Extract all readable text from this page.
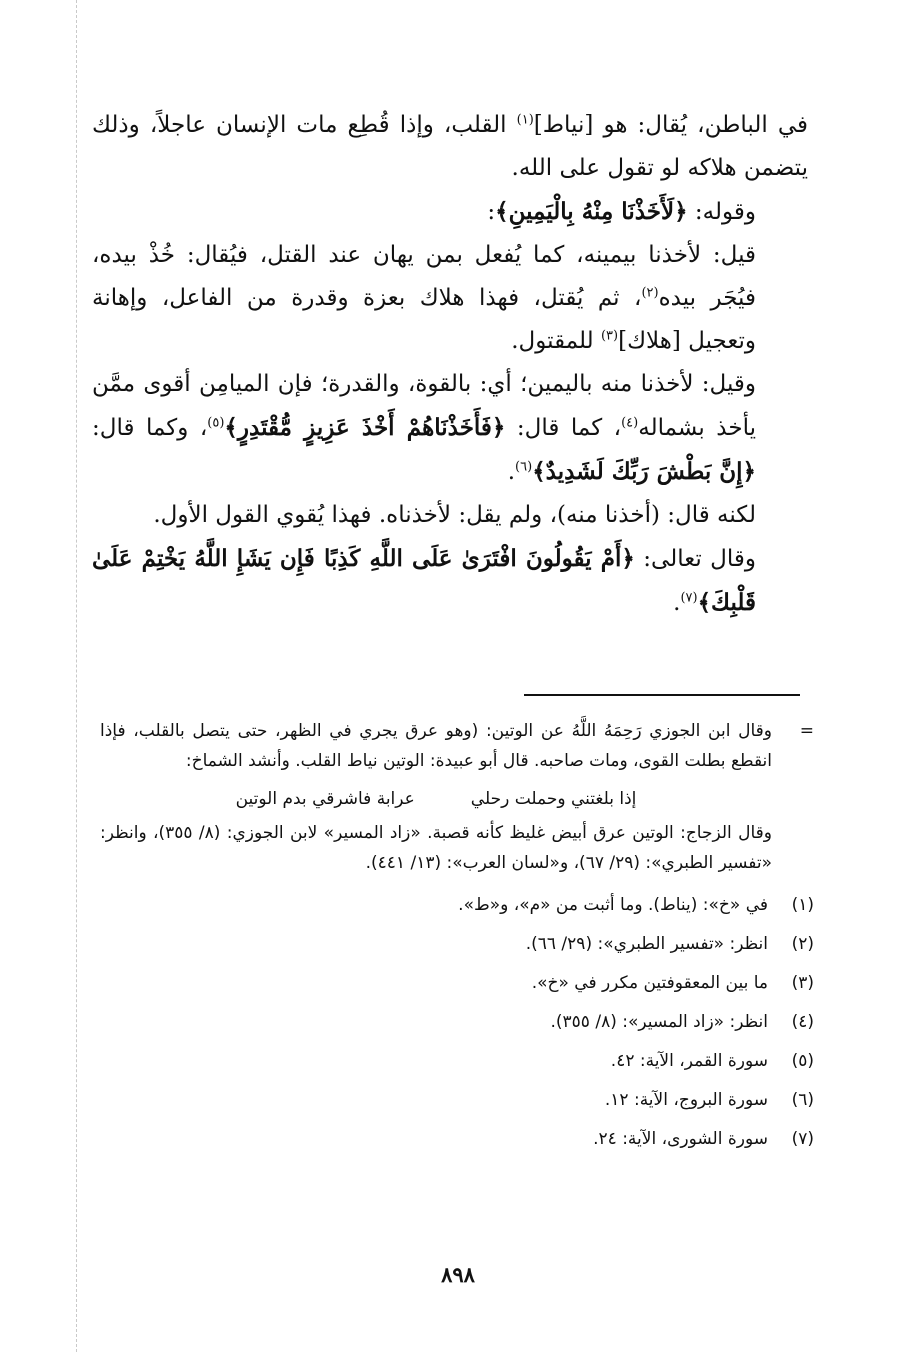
في الباطن، يُقال: هو [نياط]$^{(١)}$ القلب، وإذا قُطِع مات الإنسان عاجلاً، وذلك يتضمن هلاكه لو تقول على الله.

وقوله: ﴿لَأَخَذْنَا مِنْهُ بِالْيَمِينِ﴾:

قيل: لأخذنا بيمينه، كما يُفعل بمن يهان عند القتل، فيُقال: خُذْ بيده، فيُجَر بيده$^{(٢)}$، ثم يُقتل، فهذا هلاك بعزة وقدرة من الفاعل، وإهانة وتعجيل [هلاك]$^{(٣)}$ للمقتول.

وقيل: لأخذنا منه باليمين؛ أي: بالقوة، والقدرة؛ فإن الميامِن أقوى ممَّن يأخذ بشماله$^{(٤)}$، كما قال: ﴿فَأَخَذْنَاهُمْ أَخْذَ عَزِيزٍ مُّقْتَدِرٍ﴾$^{(٥)}$، وكما قال: ﴿إِنَّ بَطْشَ رَبِّكَ لَشَدِيدٌ﴾$^{(٦)}$.

لكنه قال: (أخذنا منه)، ولم يقل: لأخذناه. فهذا يُقوي القول الأول.

وقال تعالى: ﴿أَمْ يَقُولُونَ افْتَرَىٰ عَلَى اللَّهِ كَذِبًا فَإِن يَشَإِ اللَّهُ يَخْتِمْ عَلَىٰ قَلْبِكَ﴾$^{(٧)}$.

=

وقال ابن الجوزي رَحِمَهُ اللَّهُ عن الوتين: (وهو عرق يجري في الظهر، حتى يتصل بالقلب، فإذا انقطع بطلت القوى، ومات صاحبه. قال أبو عبيدة: الوتين نياط القلب. وأنشد الشماخ:

إذا بلغتني وحملت رحلي
عرابة فاشرقي بدم الوتين

وقال الزجاج: الوتين عرق أبيض غليظ كأنه قصبة. «زاد المسير» لابن الجوزي: (٨/ ٣٥٥)، وانظر: «تفسير الطبري»: (٢٩/ ٦٧)، و«لسان العرب»: (١٣/ ٤٤١).

(١)
في «خ»: (يناط). وما أثبت من «م»، و«ط».
(٢)
انظر: «تفسير الطبري»: (٢٩/ ٦٦).
(٣)
ما بين المعقوفتين مكرر في «خ».
(٤)
انظر: «زاد المسير»: (٨/ ٣٥٥).
(٥)
سورة القمر، الآية: ٤٢.
(٦)
سورة البروج، الآية: ١٢.
(٧)
سورة الشورى، الآية: ٢٤.
٨٩٨
